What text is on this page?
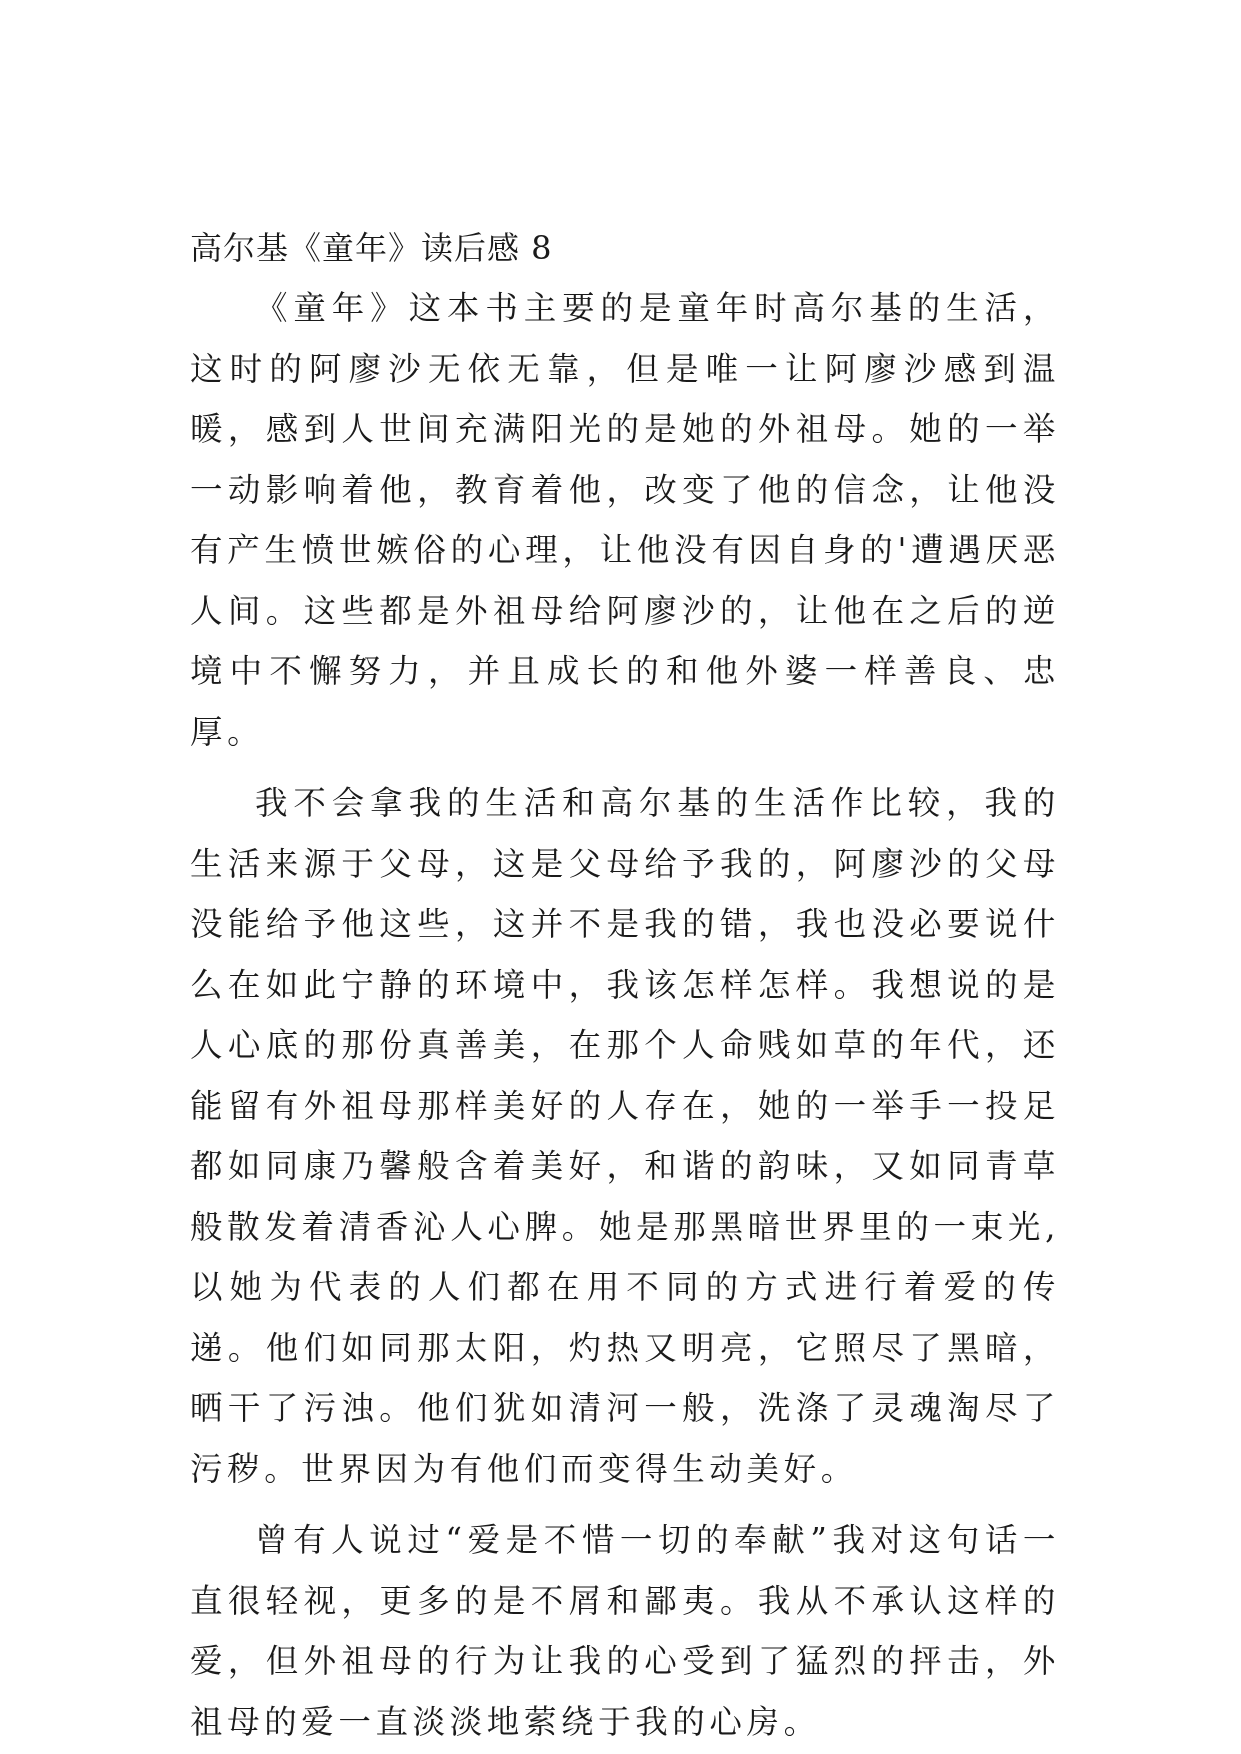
高尔基《童年》读后感 8

《童年》这本书主要的是童年时高尔基的生活，这时的阿廖沙无依无靠，但是唯一让阿廖沙感到温暖，感到人世间充满阳光的是她的外祖母。她的一举一动影响着他，教育着他，改变了他的信念，让他没有产生愤世嫉俗的心理，让他没有因自身的'遭遇厌恶人间。这些都是外祖母给阿廖沙的，让他在之后的逆境中不懈努力，并且成长的和他外婆一样善良、忠厚。

我不会拿我的生活和高尔基的生活作比较，我的生活来源于父母，这是父母给予我的，阿廖沙的父母没能给予他这些，这并不是我的错，我也没必要说什么在如此宁静的环境中，我该怎样怎样。我想说的是人心底的那份真善美，在那个人命贱如草的年代，还能留有外祖母那样美好的人存在，她的一举手一投足都如同康乃馨般含着美好，和谐的韵味，又如同青草般散发着清香沁人心脾。她是那黑暗世界里的一束光,以她为代表的人们都在用不同的方式进行着爱的传递。他们如同那太阳，灼热又明亮，它照尽了黑暗，晒干了污浊。他们犹如清河一般，洗涤了灵魂淘尽了污秽。世界因为有他们而变得生动美好。

曾有人说过“爱是不惜一切的奉献”我对这句话一直很轻视，更多的是不屑和鄙夷。我从不承认这样的爱，但外祖母的行为让我的心受到了猛烈的抨击，外祖母的爱一直淡淡地萦绕于我的心房。
